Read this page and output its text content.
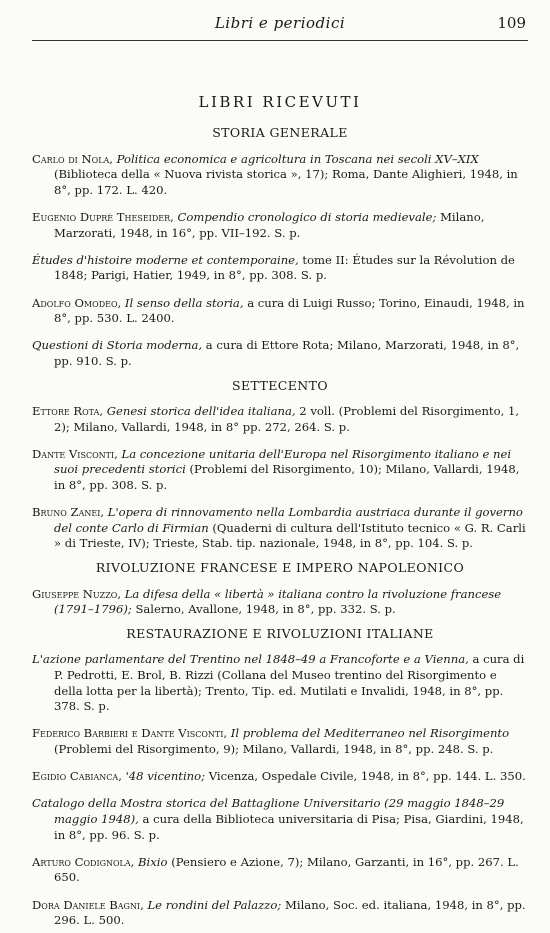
Libri e periodici	109
LIBRI RICEVUTI
STORIA GENERALE

Carlo di Nola, Politica economica e agricoltura in Toscana nei secoli XV–XIX (Biblioteca della « Nuova rivista storica », 17); Roma, Dante Alighieri, 1948, in 8°, pp. 172. L. 420.

Eugenio Duprè Theseider, Compendio cronologico di storia medievale; Milano, Marzorati, 1948, in 16°, pp. VII–192. S. p.

Études d'histoire moderne et contemporaine, tome II: Études sur la Révolution de 1848; Parigi, Hatier, 1949, in 8°, pp. 308. S. p.

Adolfo Omodeo, Il senso della storia, a cura di Luigi Russo; Torino, Einaudi, 1948, in 8°, pp. 530. L. 2400.

Questioni di Storia moderna, a cura di Ettore Rota; Milano, Marzorati, 1948, in 8°, pp. 910. S. p.

SETTECENTO

Ettore Rota, Genesi storica dell'idea italiana, 2 voll. (Problemi del Risorgimento, 1, 2); Milano, Vallardi, 1948, in 8° pp. 272, 264. S. p.

Dante Visconti, La concezione unitaria dell'Europa nel Risorgimento italiano e nei suoi precedenti storici (Problemi del Risorgimento, 10); Milano, Vallardi, 1948, in 8°, pp. 308. S. p.

Bruno Zanei, L'opera di rinnovamento nella Lombardia austriaca durante il governo del conte Carlo di Firmian (Quaderni di cultura dell'Istituto tecnico « G. R. Carli » di Trieste, IV); Trieste, Stab. tip. nazionale, 1948, in 8°, pp. 104. S. p.

RIVOLUZIONE FRANCESE E IMPERO NAPOLEONICO

Giuseppe Nuzzo, La difesa della « libertà » italiana contro la rivoluzione francese (1791–1796); Salerno, Avallone, 1948, in 8°, pp. 332. S. p.

RESTAURAZIONE E RIVOLUZIONI ITALIANE

L'azione parlamentare del Trentino nel 1848–49 a Francoforte e a Vienna, a cura di P. Pedrotti, E. Brol, B. Rizzi (Collana del Museo trentino del Risorgimento e della lotta per la libertà); Trento, Tip. ed. Mutilati e Invalidi, 1948, in 8°, pp. 378. S. p.

Federico Barbieri e Dante Visconti, Il problema del Mediterraneo nel Risorgimento (Problemi del Risorgimento, 9); Milano, Vallardi, 1948, in 8°, pp. 248. S. p.

Egidio Cabianca, '48 vicentino; Vicenza, Ospedale Civile, 1948, in 8°, pp. 144. L. 350.

Catalogo della Mostra storica del Battaglione Universitario (29 maggio 1848–29 maggio 1948), a cura della Biblioteca universitaria di Pisa; Pisa, Giardini, 1948, in 8°, pp. 96. S. p.

Arturo Codignola, Bixio (Pensiero e Azione, 7); Milano, Garzanti, in 16°, pp. 267. L. 650.

Dora Daniele Bagni, Le rondini del Palazzo; Milano, Soc. ed. italiana, 1948, in 8°, pp. 296. L. 500.
